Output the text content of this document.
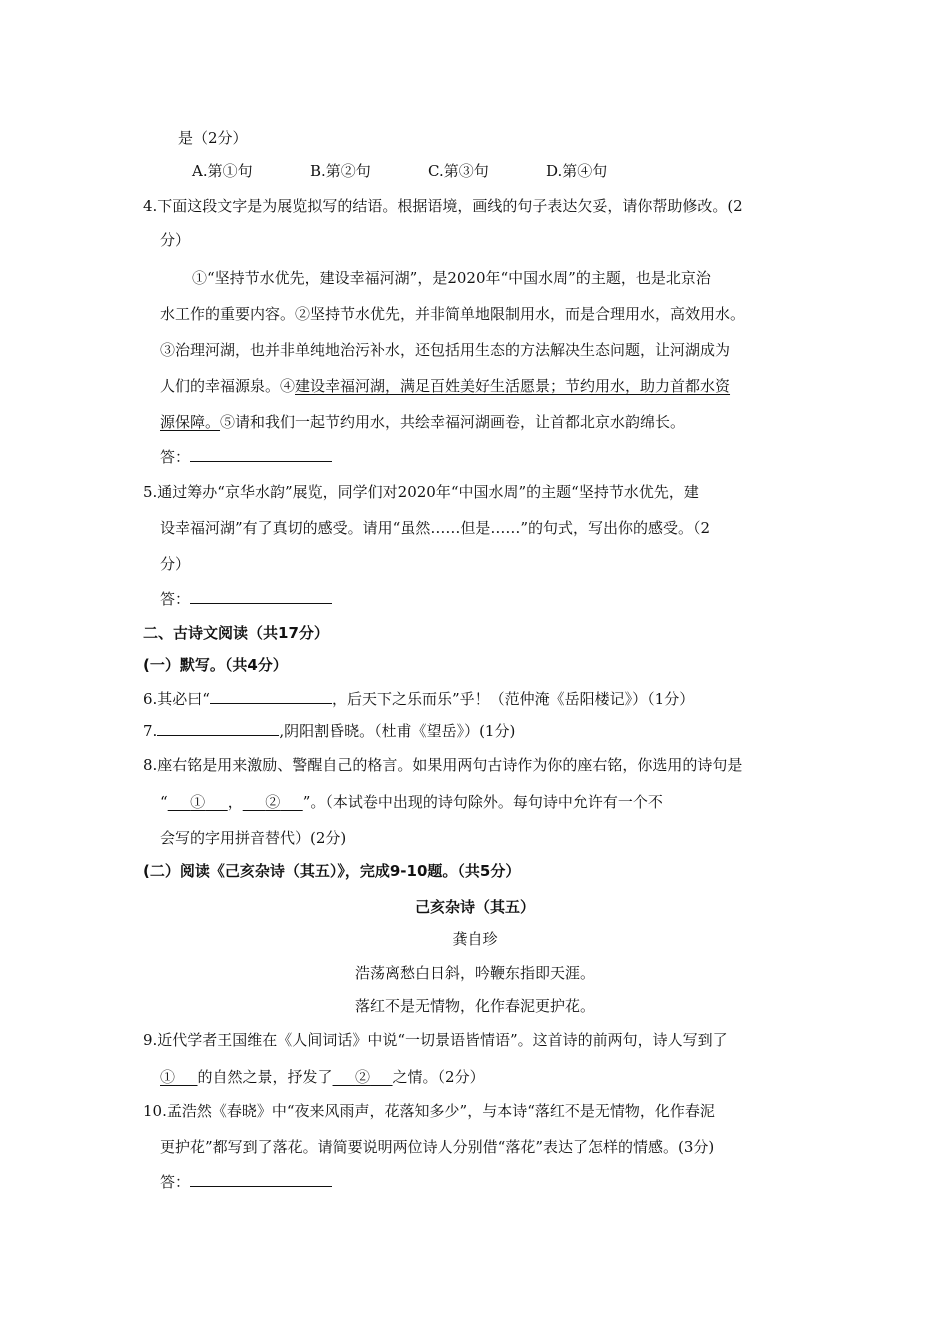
是（2分）
A.第①句	B.第②句	C.第③句	D.第④句
4.下面这段文字是为展览拟写的结语。根据语境，画线的句子表达欠妥，请你帮助修改。(2
分）
①“坚持节水优先，建设幸福河湖”，是2020年“中国水周”的主题，也是北京治
水工作的重要内容。②坚持节水优先，并非简单地限制用水，而是合理用水，高效用水。
③治理河湖，也并非单纯地治污补水，还包括用生态的方法解决生态问题，让河湖成为
人们的幸福源泉。④建设幸福河湖，满足百姓美好生活愿景；节约用水，助力首都水资
源保障。⑤请和我们一起节约用水，共绘幸福河湖画卷，让首都北京水韵绵长。
答：
5.通过筹办“京华水韵”展览，同学们对2020年“中国水周”的主题“坚持节水优先，建
设幸福河湖”有了真切的感受。请用“虽然……但是……”的句式，写出你的感受。（2
分）
答：
二、古诗文阅读（共17分）
(一）默写。（共4分）
6.其必曰“	，后天下之乐而乐”乎！（范仲淹《岳阳楼记》）（1分）
7.	,阴阳割昏晓。（杜甫《望岳》）(1分)
8.座右铭是用来激励、警醒自己的格言。如果用两句古诗作为你的座右铭，你选用的诗句是
“    ①    ，    ②    ”。（本试卷中出现的诗句除外。每句诗中允许有一个不
会写的字用拼音替代）(2分)
(二）阅读《己亥杂诗（其五）》，完成9-10题。（共5分）
己亥杂诗（其五）
龚自珍
浩荡离愁白日斜，吟鞭东指即天涯。
落红不是无情物，化作春泥更护花。
9.近代学者王国维在《人间词话》中说“一切景语皆情语”。这首诗的前两句，诗人写到了
①    的自然之景，抒发了    ②    之情。（2分）
10.孟浩然《春晓》中“夜来风雨声，花落知多少”，与本诗“落红不是无情物，化作春泥
更护花”都写到了落花。请简要说明两位诗人分别借“落花”表达了怎样的情感。(3分)
答：
